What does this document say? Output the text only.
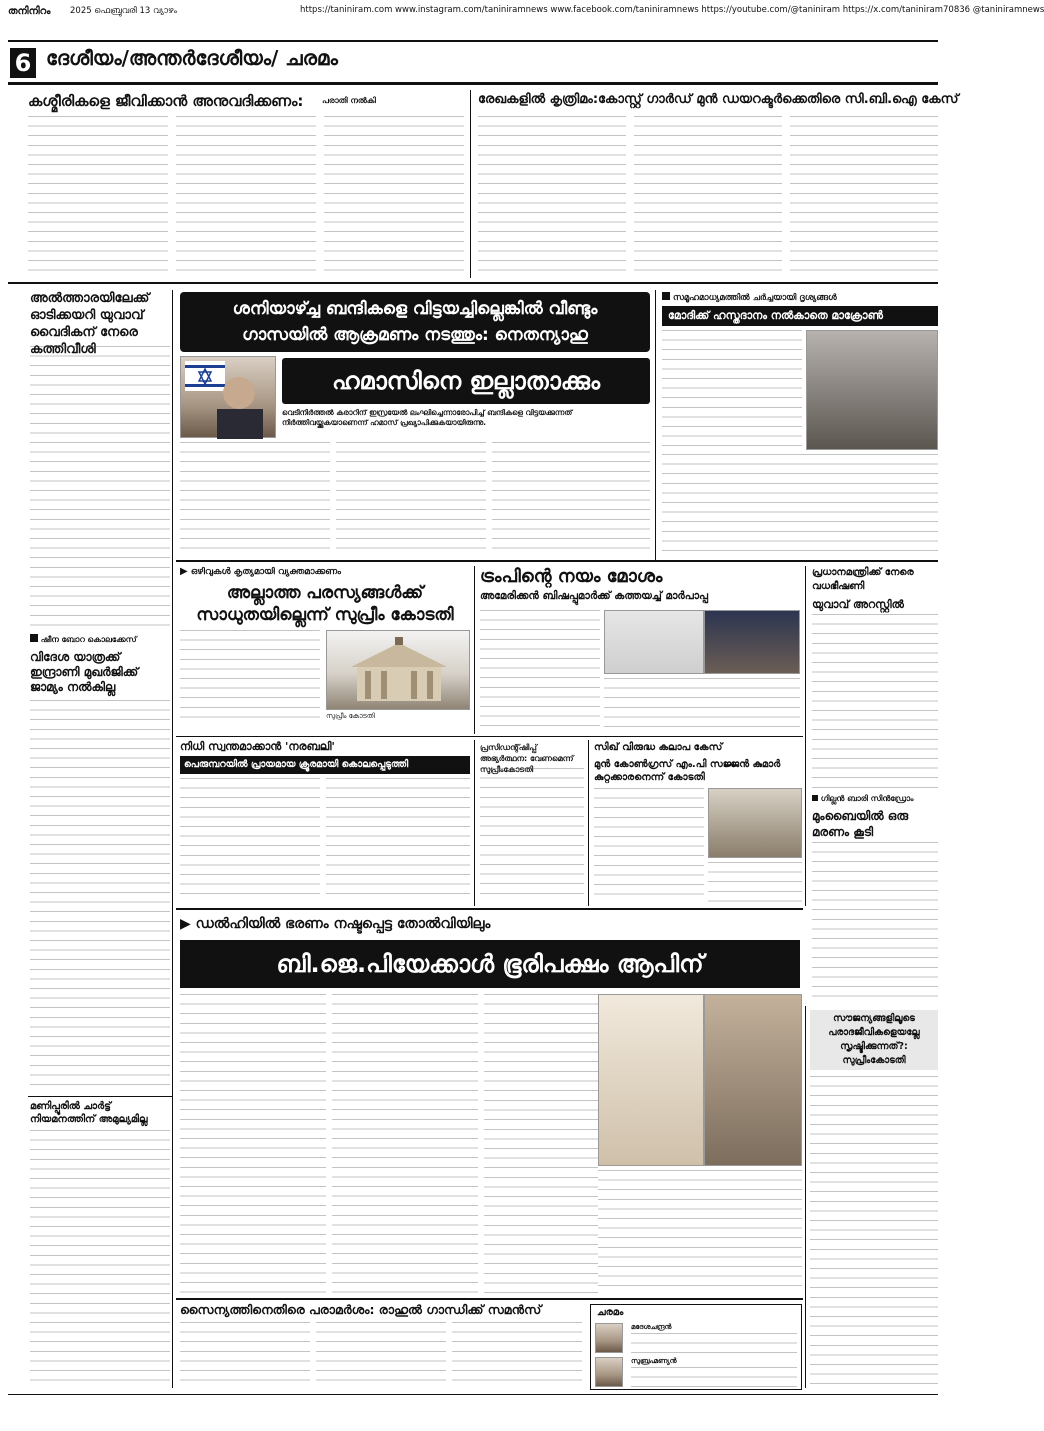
തനിനിറം 2025 ഫെബ്രുവരി 13 വ്യാഴം	https://taniniram.com www.instagram.com/taniniramnews www.facebook.com/taniniramnews https://youtube.com/@taniniram https://x.com/taniniram70836 @taniniramnews
6 ദേശീയം/അന്തർദേശീയം/ ചരമം
കശ്മീരികളെ ജീവിക്കാൻ അനുവദിക്കണം:	പരാതി നൽകി	രേഖകളിൽ കൃത്രിമം:കോസ്റ്റ് ഗാർഡ് മുൻ ഡയറക്ടർക്കെതിരെ സി.ബി.ഐ കേസ്
അൽത്താരയിലേക്ക് ഓടിക്കയറി യുവാവ് വൈദികന് നേരെ കത്തിവീശി
ഷീന ബോറ കൊലക്കേസ്
വിദേശ യാത്രക്ക് ഇന്ദ്രാണി മുഖർജിക്ക് ജാമ്യം നൽകില്ല
ശനിയാഴ്ച്ച ബന്ദികളെ വിട്ടയച്ചില്ലെങ്കിൽ വീണ്ടും ഗാസയിൽ ആക്രമണം നടത്തും: നെതന്യാഹു
ഹമാസിനെ ഇല്ലാതാക്കും
വെടിനിർത്തൽ കരാറിന് ഇസ്രയേൽ ലംഘിച്ചെന്നാരോപിച്ച് ബന്ദികളെ വിട്ടയക്കുന്നത് നിർത്തിവയ്ക്കുകയാണെന്ന് ഹമാസ് പ്രഖ്യാപിക്കുകയായിരുന്നു.
സമൂഹമാധ്യമത്തിൽ ചർച്ചയായി ദൃശ്യങ്ങൾ
മോദിക്ക് ഹസ്തദാനം നൽകാതെ മാക്രോൺ
▶ ഒഴിവുകൾ കൃത്യമായി വ്യക്തമാക്കണം
അല്ലാത്ത പരസ്യങ്ങൾക്ക് സാധുതയില്ലെന്ന് സുപ്രീം കോടതി
സുപ്രീം കോടതി
ട്രംപിന്റെ നയം മോശം
അമേരിക്കൻ ബിഷപ്പുമാർക്ക് കത്തയച്ച് മാർപാപ്പ
പ്രധാനമന്ത്രിക്ക് നേരെ വധഭീഷണി
യുവാവ് അറസ്റ്റിൽ
ഗില്ലൻ ബാരി സിൻഡ്രോം
മുംബൈയിൽ ഒരു മരണം കൂടി
നിധി സ്വന്തമാക്കാൻ 'നരബലി'
പെരുമ്പറയിൽ പ്രായമായ ക്രൂരമായി കൊലപ്പെടുത്തി
പ്രസിഡന്റ്ഷിപ്പ് അഭ്യർത്ഥന: വേണമെന്ന് സുപ്രീംകോടതി
സിഖ് വിരുദ്ധ കലാപ കേസ്
മുൻ കോൺഗ്രസ് എം.പി സജ്ജൻ കുമാർ കുറ്റക്കാരനെന്ന് കോടതി
▶ ഡൽഹിയിൽ ഭരണം നഷ്ടപ്പെട്ട തോൽവിയിലും
ബി.ജെ.പിയേക്കാൾ ഭൂരിപക്ഷം ആപിന്
സൗജന്യങ്ങളിലൂടെ പരാദജീവികളെയല്ലേ സൃഷ്ടിക്കുന്നത്?: സുപ്രീംകോടതി
മണിപ്പൂരിൽ ചാർട്ട് നിയമനത്തിന് അമുല്യമില്ല
സൈന്യത്തിനെതിരെ പരാമർശം: രാഹുൽ ഗാന്ധിക്ക് സമൻസ്	ചരമം
മദേശചന്ദ്രൻ
സുബ്രഹ്മണ്യൻ
